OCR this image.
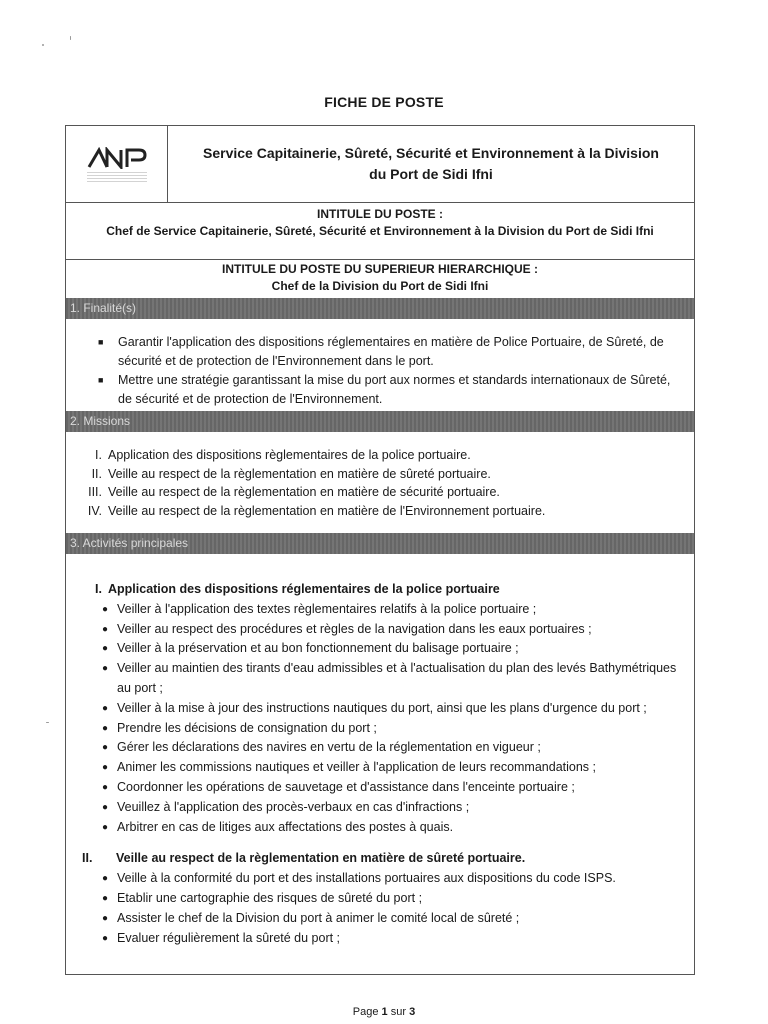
FICHE DE POSTE
Service Capitainerie, Sûreté, Sécurité et Environnement à la Division
du Port de Sidi Ifni
INTITULE DU POSTE :
Chef de Service Capitainerie, Sûreté, Sécurité et Environnement à la Division du Port de Sidi Ifni
INTITULE DU POSTE DU SUPERIEUR HIERARCHIQUE :
Chef de la Division du Port de Sidi Ifni
1. Finalité(s)
■	Garantir l'application des dispositions réglementaires en matière de Police Portuaire, de Sûreté, de sécurité et de protection de l'Environnement dans le port.
■	Mettre une stratégie garantissant la mise du port aux normes et standards internationaux de Sûreté, de sécurité et de protection de l'Environnement.
2. Missions
I. Application des dispositions règlementaires de la police portuaire.
II. Veille au respect de la règlementation en matière de sûreté portuaire.
III. Veille au respect de la règlementation en matière de sécurité portuaire.
IV. Veille au respect de la règlementation en matière de l'Environnement portuaire.
3. Activités principales
I. Application des dispositions réglementaires de la police portuaire
● Veiller à l'application des textes règlementaires relatifs à la police portuaire ;
● Veiller au respect des procédures et règles de la navigation dans les eaux portuaires ;
● Veiller à la préservation et au bon fonctionnement du balisage portuaire ;
● Veiller au maintien des tirants d'eau admissibles et à l'actualisation du plan des levés Bathymétriques au port ;
● Veiller à la mise à jour des instructions nautiques du port, ainsi que les plans d'urgence du port ;
● Prendre les décisions de consignation du port ;
● Gérer les déclarations des navires en vertu de la réglementation en vigueur ;
● Animer les commissions nautiques et veiller à l'application de leurs recommandations ;
● Coordonner les opérations de sauvetage et d'assistance dans l'enceinte portuaire ;
● Veuillez à l'application des procès-verbaux en cas d'infractions ;
● Arbitrer en cas de litiges aux affectations des postes à quais.
II.	Veille au respect de la règlementation en matière de sûreté portuaire.
● Veille à la conformité du port et des installations portuaires aux dispositions du code ISPS.
● Etablir une cartographie des risques de sûreté du port ;
● Assister le chef de la Division du port à animer le comité local de sûreté ;
● Evaluer régulièrement la sûreté du port ;
Page 1 sur 3
